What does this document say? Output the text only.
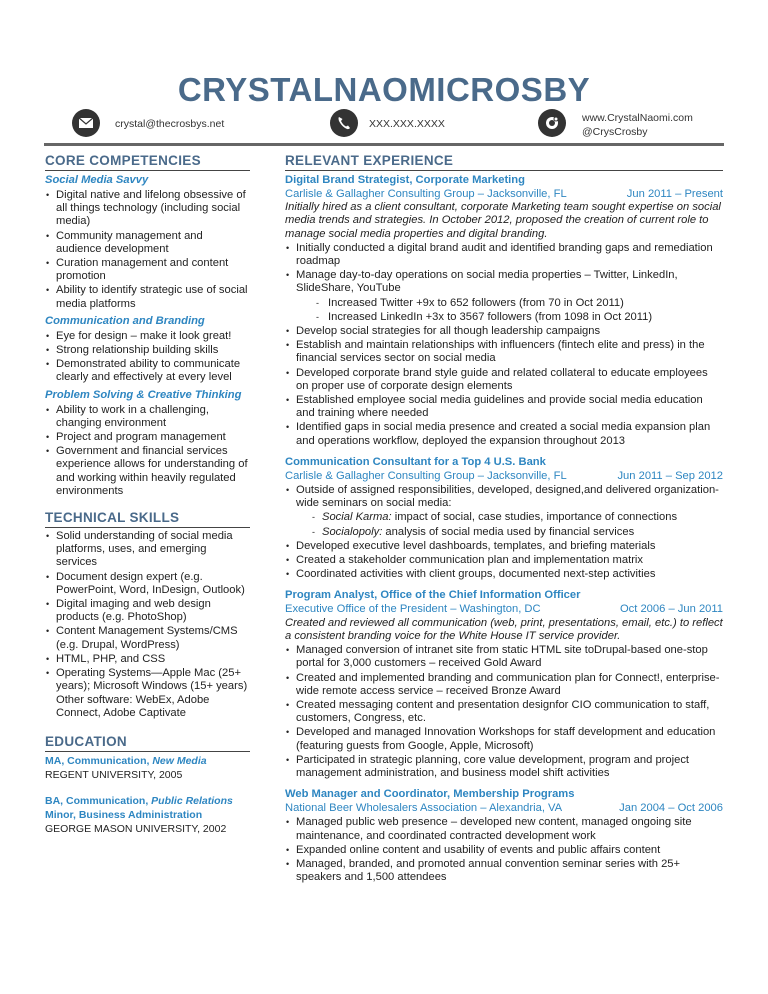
CRYSTALNAOMICROSBY
crystal@thecrosbys.net	XXX.XXX.XXXX	www.CrystalNaomi.com
@CrysCrosby
CORE COMPETENCIES
Social Media Savvy
• Digital native and lifelong obsessive of all things technology (including social media)
• Community management and audience development
• Curation management and content promotion
• Ability to identify strategic use of social media platforms
Communication and Branding
• Eye for design – make it look great!
• Strong relationship building skills
• Demonstrated ability to communicate clearly and effectively at every level
Problem Solving & Creative Thinking
• Ability to work in a challenging, changing environment
• Project and program management
• Government and financial services experience allows for understanding of and working within heavily regulated environments
TECHNICAL SKILLS
• Solid understanding of social media platforms, uses, and emerging services
• Document design expert (e.g. PowerPoint, Word, InDesign, Outlook)
• Digital imaging and web design products (e.g. PhotoShop)
• Content Management Systems/CMS (e.g. Drupal, WordPress)
• HTML, PHP, and CSS
• Operating Systems—Apple Mac (25+ years); Microsoft Windows (15+ years) Other software: WebEx, Adobe Connect, Adobe Captivate
EDUCATION
MA, Communication, New Media
REGENT UNIVERSITY, 2005
BA, Communication, Public Relations
Minor, Business Administration
GEORGE MASON UNIVERSITY, 2002
RELEVANT EXPERIENCE
Digital Brand Strategist, Corporate Marketing
Carlisle & Gallagher Consulting Group – Jacksonville, FL	Jun 2011 – Present
Initially hired as a client consultant, corporate Marketing team sought expertise on social media trends and strategies. In October 2012, proposed the creation of current role to manage social media properties and digital branding.
• Initially conducted a digital brand audit and identified branding gaps and remediation roadmap
• Manage day-to-day operations on social media properties – Twitter, LinkedIn, SlideShare, YouTube
- Increased Twitter +9x to 652 followers (from 70 in Oct 2011)
- Increased LinkedIn +3x to 3567 followers (from 1098 in Oct 2011)
• Develop social strategies for all though leadership campaigns
• Establish and maintain relationships with influencers (fintech elite and press) in the financial services sector on social media
• Developed corporate brand style guide and related collateral to educate employees on proper use of corporate design elements
• Established employee social media guidelines and provide social media education and training where needed
• Identified gaps in social media presence and created a social media expansion plan and operations workflow, deployed the expansion throughout 2013
Communication Consultant for a Top 4 U.S. Bank
Carlisle & Gallagher Consulting Group – Jacksonville, FL	Jun 2011 – Sep 2012
• Outside of assigned responsibilities, developed, designed,and delivered organization-wide seminars on social media:
- Social Karma: impact of social, case studies, importance of connections
- Socialopoly: analysis of social media used by financial services
• Developed executive level dashboards, templates, and briefing materials
• Created a stakeholder communication plan and implementation matrix
• Coordinated activities with client groups, documented next-step activities
Program Analyst, Office of the Chief Information Officer
Executive Office of the President – Washington, DC	Oct 2006 – Jun 2011
Created and reviewed all communication (web, print, presentations, email, etc.) to reflect a consistent branding voice for the White House IT service provider.
• Managed conversion of intranet site from static HTML site toDrupal-based one-stop portal for 3,000 customers – received Gold Award
• Created and implemented branding and communication plan for Connect!, enterprise-wide remote access service – received Bronze Award
• Created messaging content and presentation designfor CIO communication to staff, customers, Congress, etc.
• Developed and managed Innovation Workshops for staff development and education (featuring guests from Google, Apple, Microsoft)
• Participated in strategic planning, core value development, program and project management administration, and business model shift activities
Web Manager and Coordinator, Membership Programs
National Beer Wholesalers Association – Alexandria, VA	Jan 2004 – Oct 2006
• Managed public web presence – developed new content, managed ongoing site maintenance, and coordinated contracted development work
• Expanded online content and usability of events and public affairs content
• Managed, branded, and promoted annual convention seminar series with 25+ speakers and 1,500 attendees
